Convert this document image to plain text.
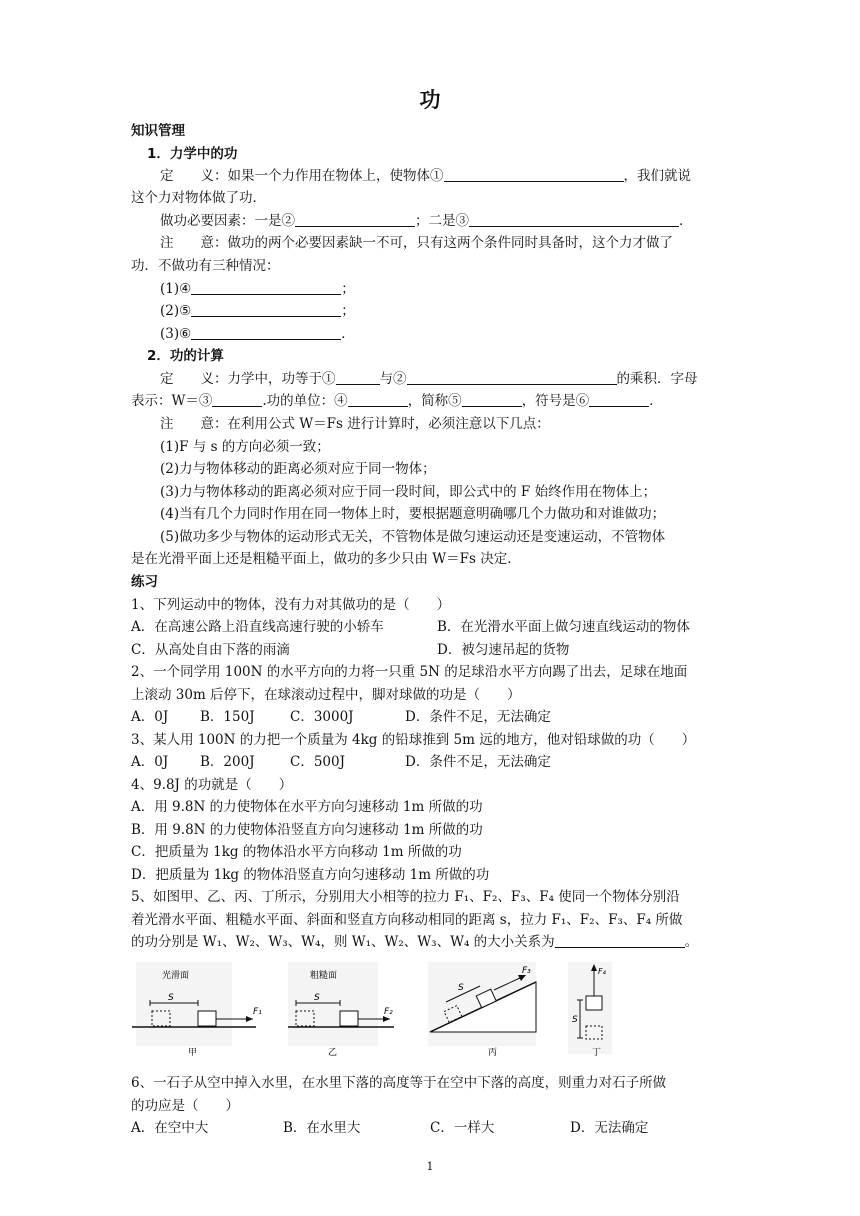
功
知识管理
1．力学中的功
定　　义：如果一个力作用在物体上，使物体①	，我们就说
这个力对物体做了功．
做功必要因素：一是②	；二是③	．
注　　意：做功的两个必要因素缺一不可，只有这两个条件同时具备时，这个力才做了
功．不做功有三种情况：
(1)④	；
(2)⑤	；
(3)⑥	．
2．功的计算
定　　义：力学中，功等于①	与②	的乘积．字母
表示：W＝③	.功的单位：④	，简称⑤	，符号是⑥	．
注　　意：在利用公式 W＝Fs 进行计算时，必须注意以下几点：
(1)F 与 s 的方向必须一致；
(2)力与物体移动的距离必须对应于同一物体；
(3)力与物体移动的距离必须对应于同一段时间，即公式中的 F 始终作用在物体上；
(4)当有几个力同时作用在同一物体上时，要根据题意明确哪几个力做功和对谁做功；
(5)做功多少与物体的运动形式无关，不管物体是做匀速运动还是变速运动，不管物体
是在光滑平面上还是粗糙平面上，做功的多少只由 W＝Fs 决定．
练习
1、下列运动中的物体，没有力对其做功的是（　　）
A．在高速公路上沿直线高速行驶的小轿车	B．在光滑水平面上做匀速直线运动的物体
C．从高处自由下落的雨滴	D．被匀速吊起的货物
2、一个同学用 100N 的水平方向的力将一只重 5N 的足球沿水平方向踢了出去，足球在地面
上滚动 30m 后停下，在球滚动过程中，脚对球做的功是（　　）
A．0J B．150J	C．3000J	D．条件不足，无法确定
3、某人用 100N 的力把一个质量为 4kg 的铅球推到 5m 远的地方，他对铅球做的功（　　）
A．0J B．200J	C．500J	D．条件不足，无法确定
4、9.8J 的功就是（　　）
A．用 9.8N 的力使物体在水平方向匀速移动 1m 所做的功
B．用 9.8N 的力使物体沿竖直方向匀速移动 1m 所做的功
C．把质量为 1kg 的物体沿水平方向移动 1m 所做的功
D．把质量为 1kg 的物体沿竖直方向匀速移动 1m 所做的功
5、如图甲、乙、丙、丁所示，分别用大小相等的拉力 F₁、F₂、F₃、F₄ 使同一个物体分别沿
着光滑水平面、粗糙水平面、斜面和竖直方向移动相同的距离 s，拉力 F₁、F₂、F₃、F₄ 所做
的功分别是 W₁、W₂、W₃、W₄，则 W₁、W₂、W₃、W₄ 的大小关系为	。
光滑面
S
F₁
甲
粗糙面
S
F₂
乙
S
F₃
丙
F₄
S
丁
6、一石子从空中掉入水里，在水里下落的高度等于在空中下落的高度，则重力对石子所做
的功应是（　　）
A．在空中大	B．在水里大	C．一样大	D．无法确定
1
